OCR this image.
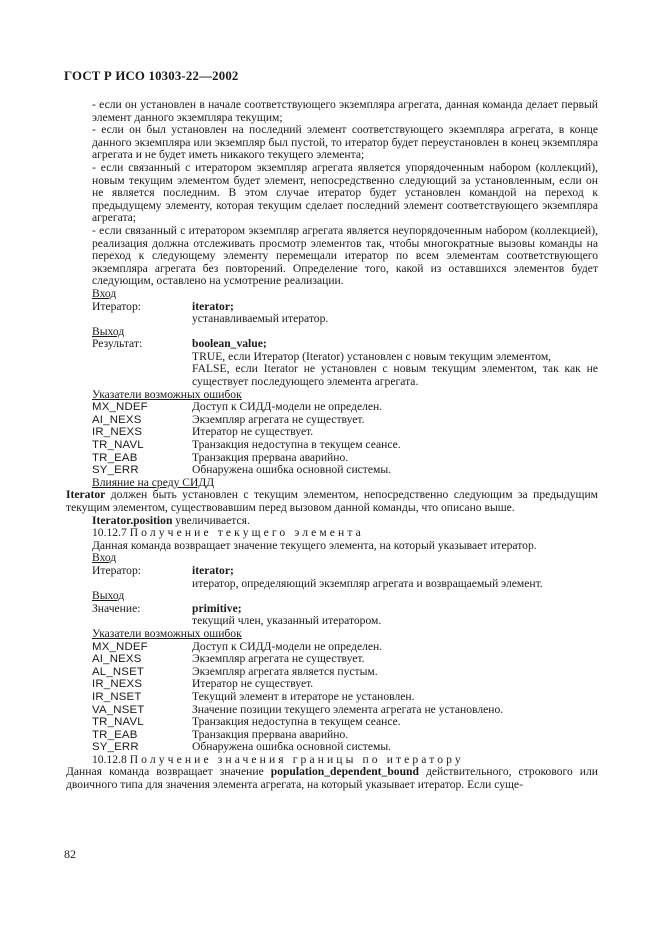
ГОСТ Р ИСО 10303-22—2002

- если он установлен в начале соответствующего экземпляра агрегата, данная команда делает первый элемент данного экземпляра текущим;

- если он был установлен на последний элемент соответствующего экземпляра агрегата, в конце данного экземпляра или экземпляр был пустой, то итератор будет переустановлен в конец экземпляра агрегата и не будет иметь никакого текущего элемента;

- если связанный с итератором экземпляр агрегата является упорядоченным набором (коллекций), новым текущим элементом будет элемент, непосредственно следующий за установленным, если он не является последним. В этом случае итератор будет установлен командой на переход к предыдущему элементу, которая текущим сделает последний элемент соответствующего экземпляра агрегата;

- если связанный с итератором экземпляр агрегата является неупорядоченным набором (коллекцией), реализация должна отслеживать просмотр элементов так, чтобы многократные вызовы команды на переход к следующему элементу перемещали итератор по всем элементам соответствующего экземпляра агрегата без повторений. Определение того, какой из оставшихся элементов будет следующим, оставлено на усмотрение реализации.

Вход

Итератор:	iterator;
устанавливаемый итератор.

Выход

Результат:	boolean_value;
TRUE, если Итератор (Iterator) установлен с новым текущим элементом,
FALSE, если Iterator не установлен с новым текущим элементом, так как не существует последующего элемента агрегата.

Указатели возможных ошибок

MX_NDEF	Доступ к СИДД-модели не определен.
AI_NEXS	Экземпляр агрегата не существует.
IR_NEXS	Итератор не существует.
TR_NAVL	Транзакция недоступна в текущем сеансе.
TR_EAB	Транзакция прервана аварийно.
SY_ERR	Обнаружена ошибка основной системы.

Влияние на среду СИДД

Iterator должен быть установлен с текущим элементом, непосредственно следующим за предыдущим текущим элементом, существовавшим перед вызовом данной команды, что описано выше.

Iterator.position увеличивается.

10.12.7 Получение текущего элемента

Данная команда возвращает значение текущего элемента, на который указывает итератор.

Вход

Итератор:	iterator;
итератор, определяющий экземпляр агрегата и возвращаемый элемент.

Выход

Значение:	primitive;
текущий член, указанный итератором.

Указатели возможных ошибок

MX_NDEF	Доступ к СИДД-модели не определен.
AI_NEXS	Экземпляр агрегата не существует.
AL_NSET	Экземпляр агрегата является пустым.
IR_NEXS	Итератор не существует.
IR_NSET	Текущий элемент в итераторе не установлен.
VA_NSET	Значение позиции текущего элемента агрегата не установлено.
TR_NAVL	Транзакция недоступна в текущем сеансе.
TR_EAB	Транзакция прервана аварийно.
SY_ERR	Обнаружена ошибка основной системы.

10.12.8 Получение значения границы по итератору

Данная команда возвращает значение population_dependent_bound действительного, строкового или двоичного типа для значения элемента агрегата, на который указывает итератор. Если суще-

82
